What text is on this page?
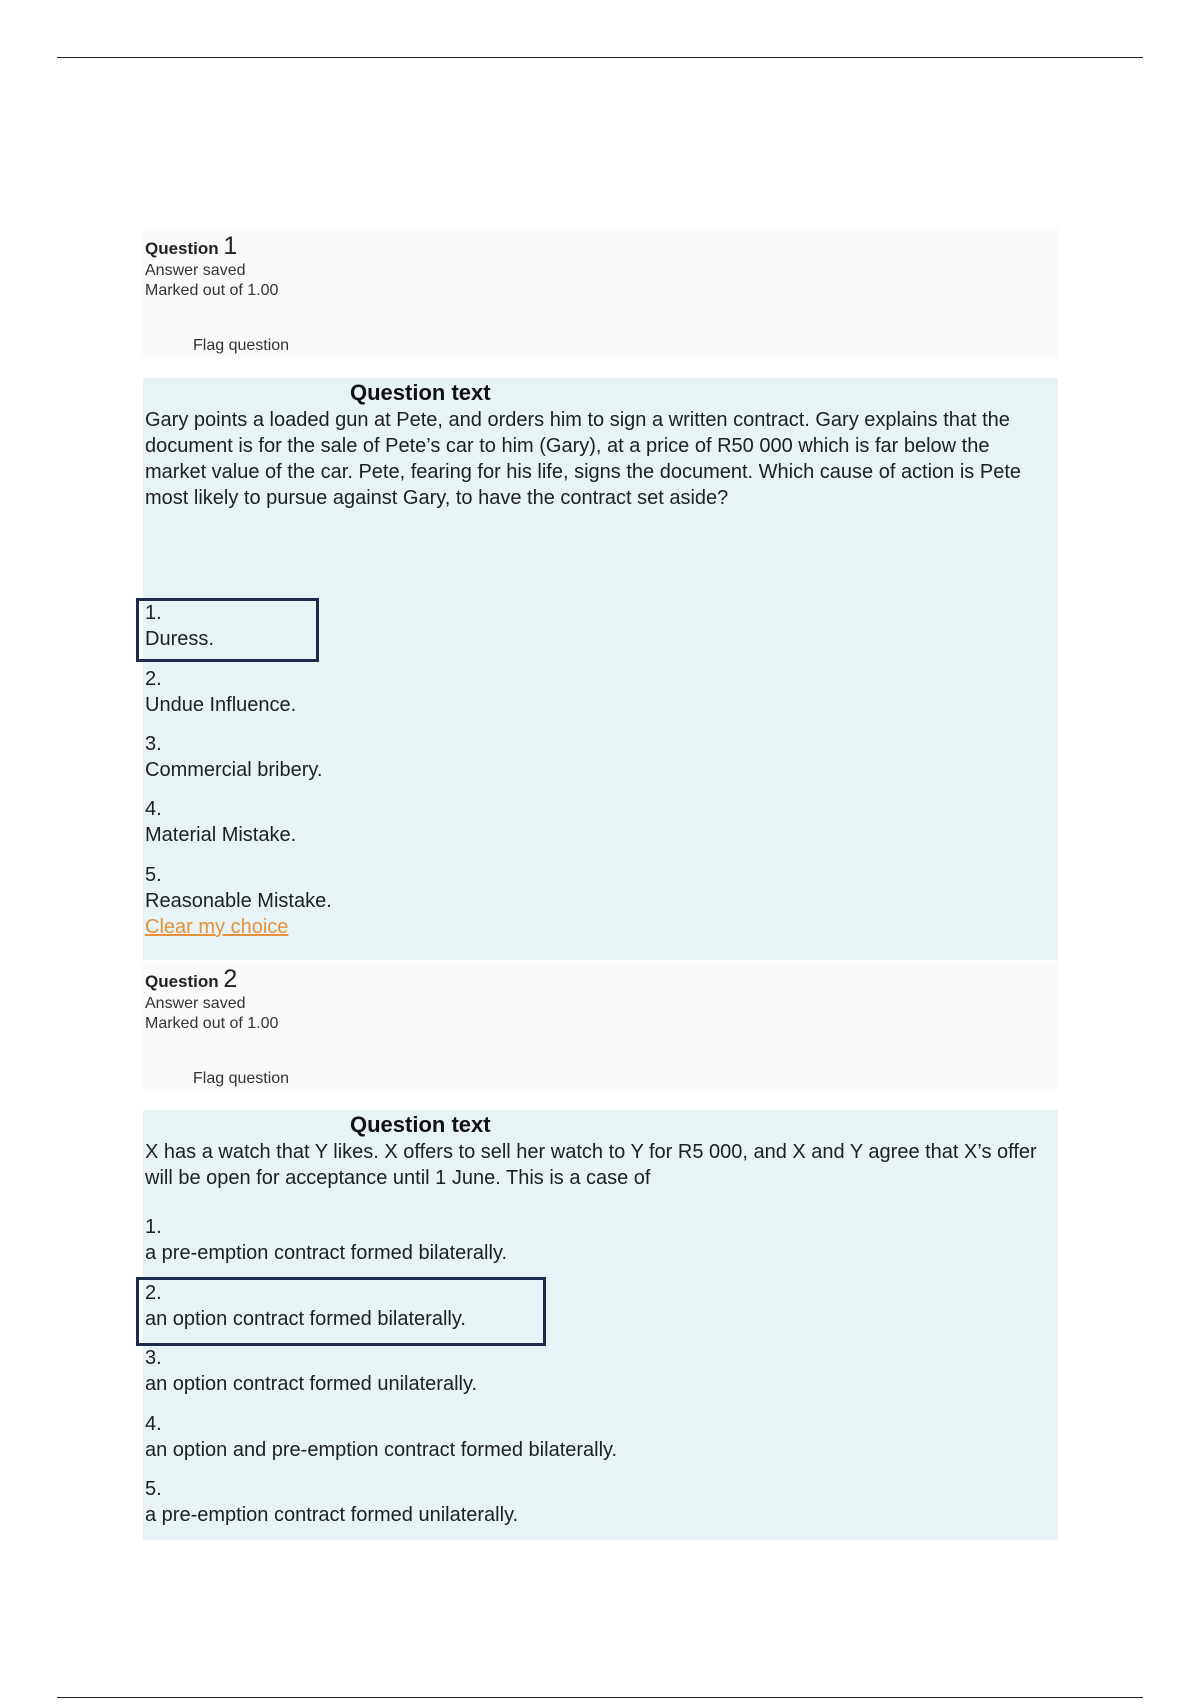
Question 1
Answer saved
Marked out of 1.00
Flag question
Question text
Gary points a loaded gun at Pete, and orders him to sign a written contract. Gary explains that the document is for the sale of Pete’s car to him (Gary), at a price of R50 000 which is far below the market value of the car. Pete, fearing for his life, signs the document. Which cause of action is Pete most likely to pursue against Gary, to have the contract set aside?
1.
Duress.
2.
Undue Influence.
3.
Commercial bribery.
4.
Material Mistake.
5.
Reasonable Mistake.
Clear my choice
Question 2
Answer saved
Marked out of 1.00
Flag question
Question text
X has a watch that Y likes. X offers to sell her watch to Y for R5 000, and X and Y agree that X’s offer will be open for acceptance until 1 June. This is a case of
1.
a pre-emption contract formed bilaterally.
2.
an option contract formed bilaterally.
3.
an option contract formed unilaterally.
4.
an option and pre-emption contract formed bilaterally.
5.
a pre-emption contract formed unilaterally.
